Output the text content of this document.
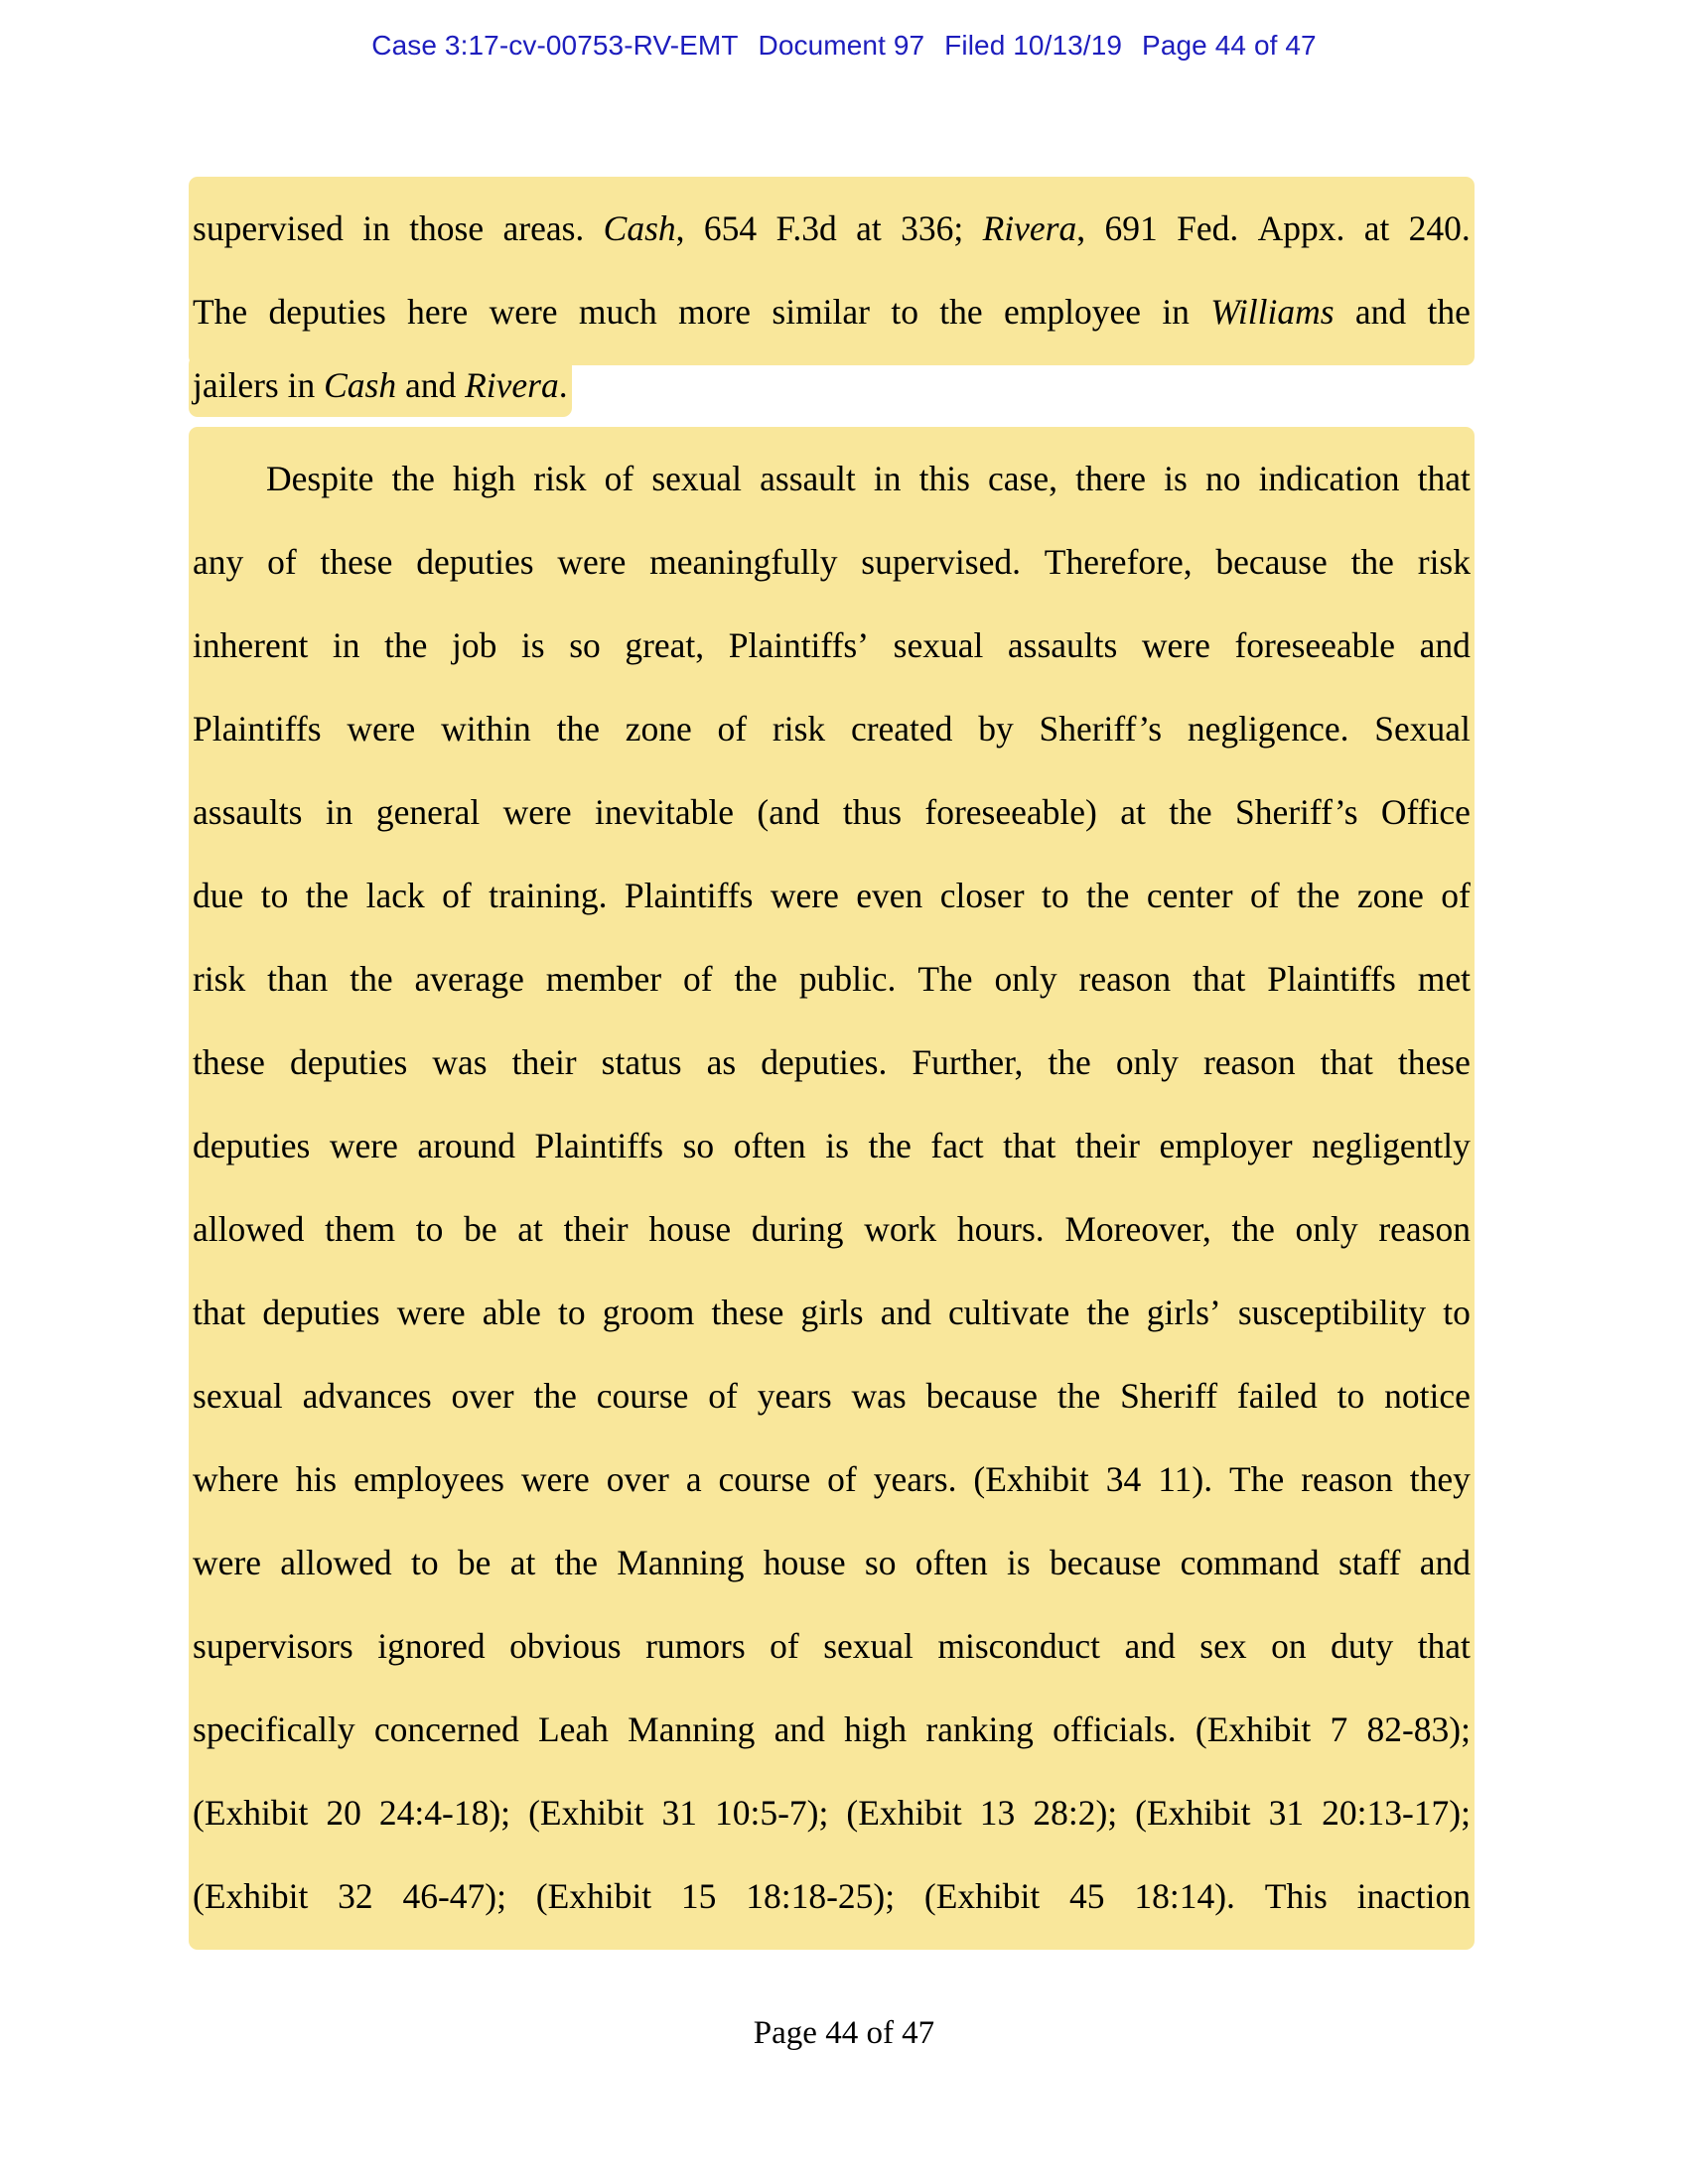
Case 3:17-cv-00753-RV-EMT Document 97 Filed 10/13/19 Page 44 of 47
supervised in those areas. Cash, 654 F.3d at 336; Rivera, 691 Fed. Appx. at 240.
The deputies here were much more similar to the employee in Williams and the
jailers in Cash and Rivera.
Despite the high risk of sexual assault in this case, there is no indication that
any of these deputies were meaningfully supervised. Therefore, because the risk
inherent in the job is so great, Plaintiffs’ sexual assaults were foreseeable and
Plaintiffs were within the zone of risk created by Sheriff’s negligence. Sexual
assaults in general were inevitable (and thus foreseeable) at the Sheriff’s Office
due to the lack of training. Plaintiffs were even closer to the center of the zone of
risk than the average member of the public. The only reason that Plaintiffs met
these deputies was their status as deputies. Further, the only reason that these
deputies were around Plaintiffs so often is the fact that their employer negligently
allowed them to be at their house during work hours. Moreover, the only reason
that deputies were able to groom these girls and cultivate the girls’ susceptibility to
sexual advances over the course of years was because the Sheriff failed to notice
where his employees were over a course of years. (Exhibit 34 11). The reason they
were allowed to be at the Manning house so often is because command staff and
supervisors ignored obvious rumors of sexual misconduct and sex on duty that
specifically concerned Leah Manning and high ranking officials. (Exhibit 7 82-83);
(Exhibit 20 24:4-18); (Exhibit 31 10:5-7); (Exhibit 13 28:2); (Exhibit 31 20:13-17);
(Exhibit 32 46-47); (Exhibit 15 18:18-25); (Exhibit 45 18:14). This inaction
Page 44 of 47
